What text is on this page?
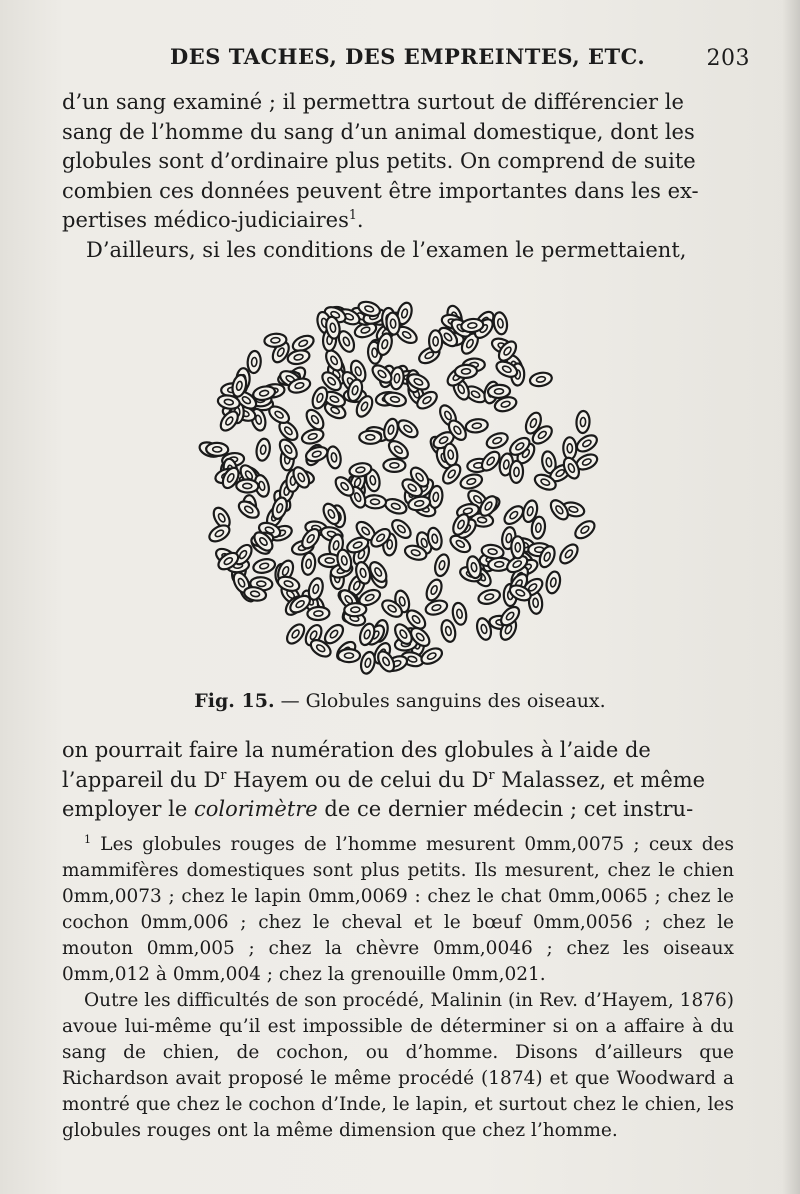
DES TACHES, DES EMPREINTES, ETC.	203

d’un sang examiné ; il permettra surtout de différencier le

sang de l’homme du sang d’un animal domestique, dont les

globules sont d’ordinaire plus petits. On comprend de suite

combien ces données peuvent être importantes dans les ex-

pertises médico-judiciaires$^1$.

D’ailleurs, si les conditions de l’examen le permettaient,

Fig. 15. — Globules sanguins des oiseaux.

on pourrait faire la numération des globules à l’aide de

l’appareil du $D^r$ Hayem ou de celui du $D^r$ Malassez, et même

employer le colorimètre de ce dernier médecin ; cet instru-

$^1$ Les globules rouges de l’homme mesurent 0mm,0075 ; ceux des mammifères domestiques sont plus petits. Ils mesurent, chez le chien 0mm,0073 ; chez le lapin 0mm,0069 : chez le chat 0mm,0065 ; chez le cochon 0mm,006 ; chez le cheval et le bœuf 0mm,0056 ; chez le mouton 0mm,005 ; chez la chèvre 0mm,0046 ; chez les oiseaux 0mm,012 à 0mm,004 ; chez la grenouille 0mm,021.

Outre les difficultés de son procédé, Malinin (in Rev. d’Hayem, 1876) avoue lui-même qu’il est impossible de déterminer si on a affaire à du sang de chien, de cochon, ou d’homme. Disons d’ailleurs que Richardson avait proposé le même procédé (1874) et que Woodward a montré que chez le cochon d’Inde, le lapin, et surtout chez le chien, les globules rouges ont la même dimension que chez l’homme.
